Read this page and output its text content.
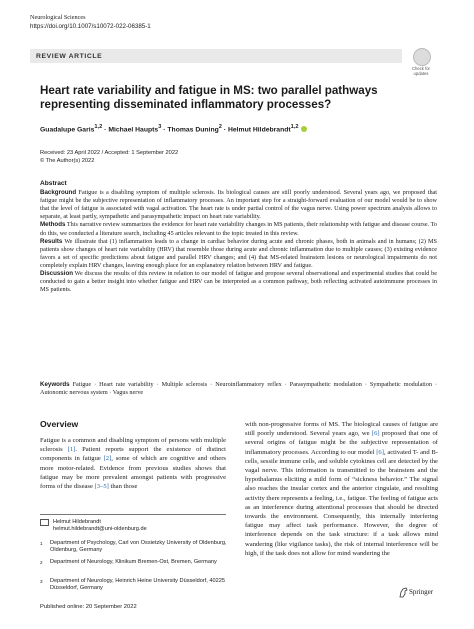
Neurological Sciences
https://doi.org/10.1007/s10072-022-06385-1
REVIEW ARTICLE
Check for
updates
Heart rate variability and fatigue in MS: two parallel pathways representing disseminated inflammatory processes?
Guadalupe Garis$^{1,2}$ · Michael Haupts$^3$ · Thomas Duning$^2$ · Helmut Hildebrandt$^{1,2}$
Received: 23 April 2022 / Accepted: 1 September 2022
© The Author(s) 2022
Abstract

Background Fatigue is a disabling symptom of multiple sclerosis. Its biological causes are still poorly understood. Several years ago, we proposed that fatigue might be the subjective representation of inflammatory processes. An important step for a straight-forward evaluation of our model would be to show that the level of fatigue is associated with vagal activation. The heart rate is under partial control of the vagus nerve. Using power spectrum analysis allows to separate, at least partly, sympathetic and parasympathetic impact on heart rate variability.

Methods This narrative review summarizes the evidence for heart rate variability changes in MS patients, their relationship with fatigue and disease course. To do this, we conducted a literature search, including 45 articles relevant to the topic treated in this review.

Results We illustrate that (1) inflammation leads to a change in cardiac behavior during acute and chronic phases, both in animals and in humans; (2) MS patients show changes of heart rate variability (HRV) that resemble those during acute and chronic inflammation due to multiple causes; (3) existing evidence favors a set of specific predictions about fatigue and parallel HRV changes; and (4) that MS-related brainstem lesions or neurological impairments do not completely explain HRV changes, leaving enough place for an explanatory relation between HRV and fatigue.

Discussion We discuss the results of this review in relation to our model of fatigue and propose several observational and experimental studies that could be conducted to gain a better insight into whether fatigue and HRV can be interpreted as a common pathway, both reflecting activated autoimmune processes in MS patients.

Keywords Fatigue · Heart rate variability · Multiple sclerosis · Neuroinflammatory reflex · Parasympathetic modulation · Sympathetic modulation · Autonomic nervous system · Vagus nerve
Overview
Fatigue is a common and disabling symptom of persons with multiple sclerosis [1]. Patient reports support the existence of distinct components in fatigue [2], some of which are cognitive and others more motor-related. Evidence from previous studies shows that fatigue may be more prevalent amongst patients with progressive forms of the disease [3–5] than those
with non-progressive forms of MS. The biological causes of fatigue are still poorly understood. Several years ago, we [6] proposed that one of several origins of fatigue might be the subjective representation of inflammatory processes. According to our model [6], activated T- and B-cells, sessile immune cells, and soluble cytokines cell are detected by the vagal nerve. This information is transmitted to the brainstem and the hypothalamus eliciting a mild form of “sickness behavior.” The signal also reaches the insular cortex and the anterior cingulate, and resulting activity there represents a feeling, i.e., fatigue. The feeling of fatigue acts as an interference during attentional processes that should be directed towards the environment. Consequently, this internally interfering fatigue may affect task performance. However, the degree of interference depends on the task structure: if a task allows mind wandering (like vigilance tasks), the risk of internal interference will be high, if the task does not allow for mind wandering the
Helmut Hildebrandt
helmut.hildebrandt@uni-oldenburg.de
1 Department of Psychology, Carl von Ossietzky University of Oldenburg, Oldenburg, Germany
2 Department of Neurology, Klinikum Bremen-Ost, Bremen, Germany
3 Department of Neurology, Heinrich Heine University Düsseldorf, 40225 Düsseldorf, Germany
Published online: 20 September 2022
Springer
